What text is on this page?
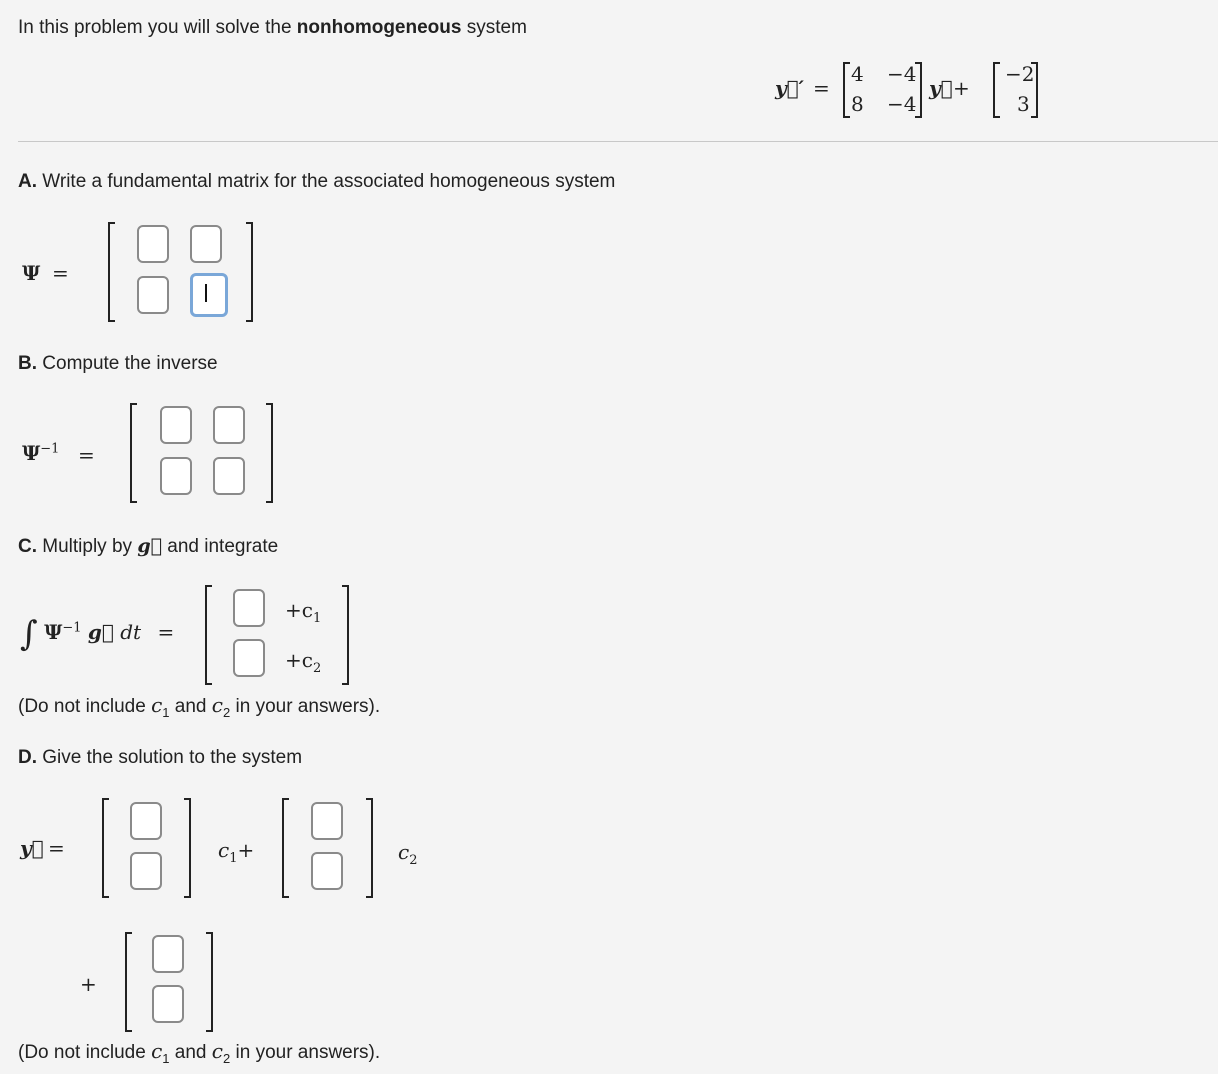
In this problem you will solve the nonhomogeneous system
y⃗′ =
4 −4
8 −4
y⃗ +
−2
3
A. Write a fundamental matrix for the associated homogeneous system
Ψ =
B. Compute the inverse
$\Psi^{-1}$ =
C. Multiply by g⃗ and integrate
∫ $\Psi^{-1}$ g⃗ dt =
$+c_1$
$+c_2$
(Do not include $c_1$ and $c_2$ in your answers).
D. Give the solution to the system
y⃗ =	$c_1+$	$c_2$
+
(Do not include $c_1$ and $c_2$ in your answers).
